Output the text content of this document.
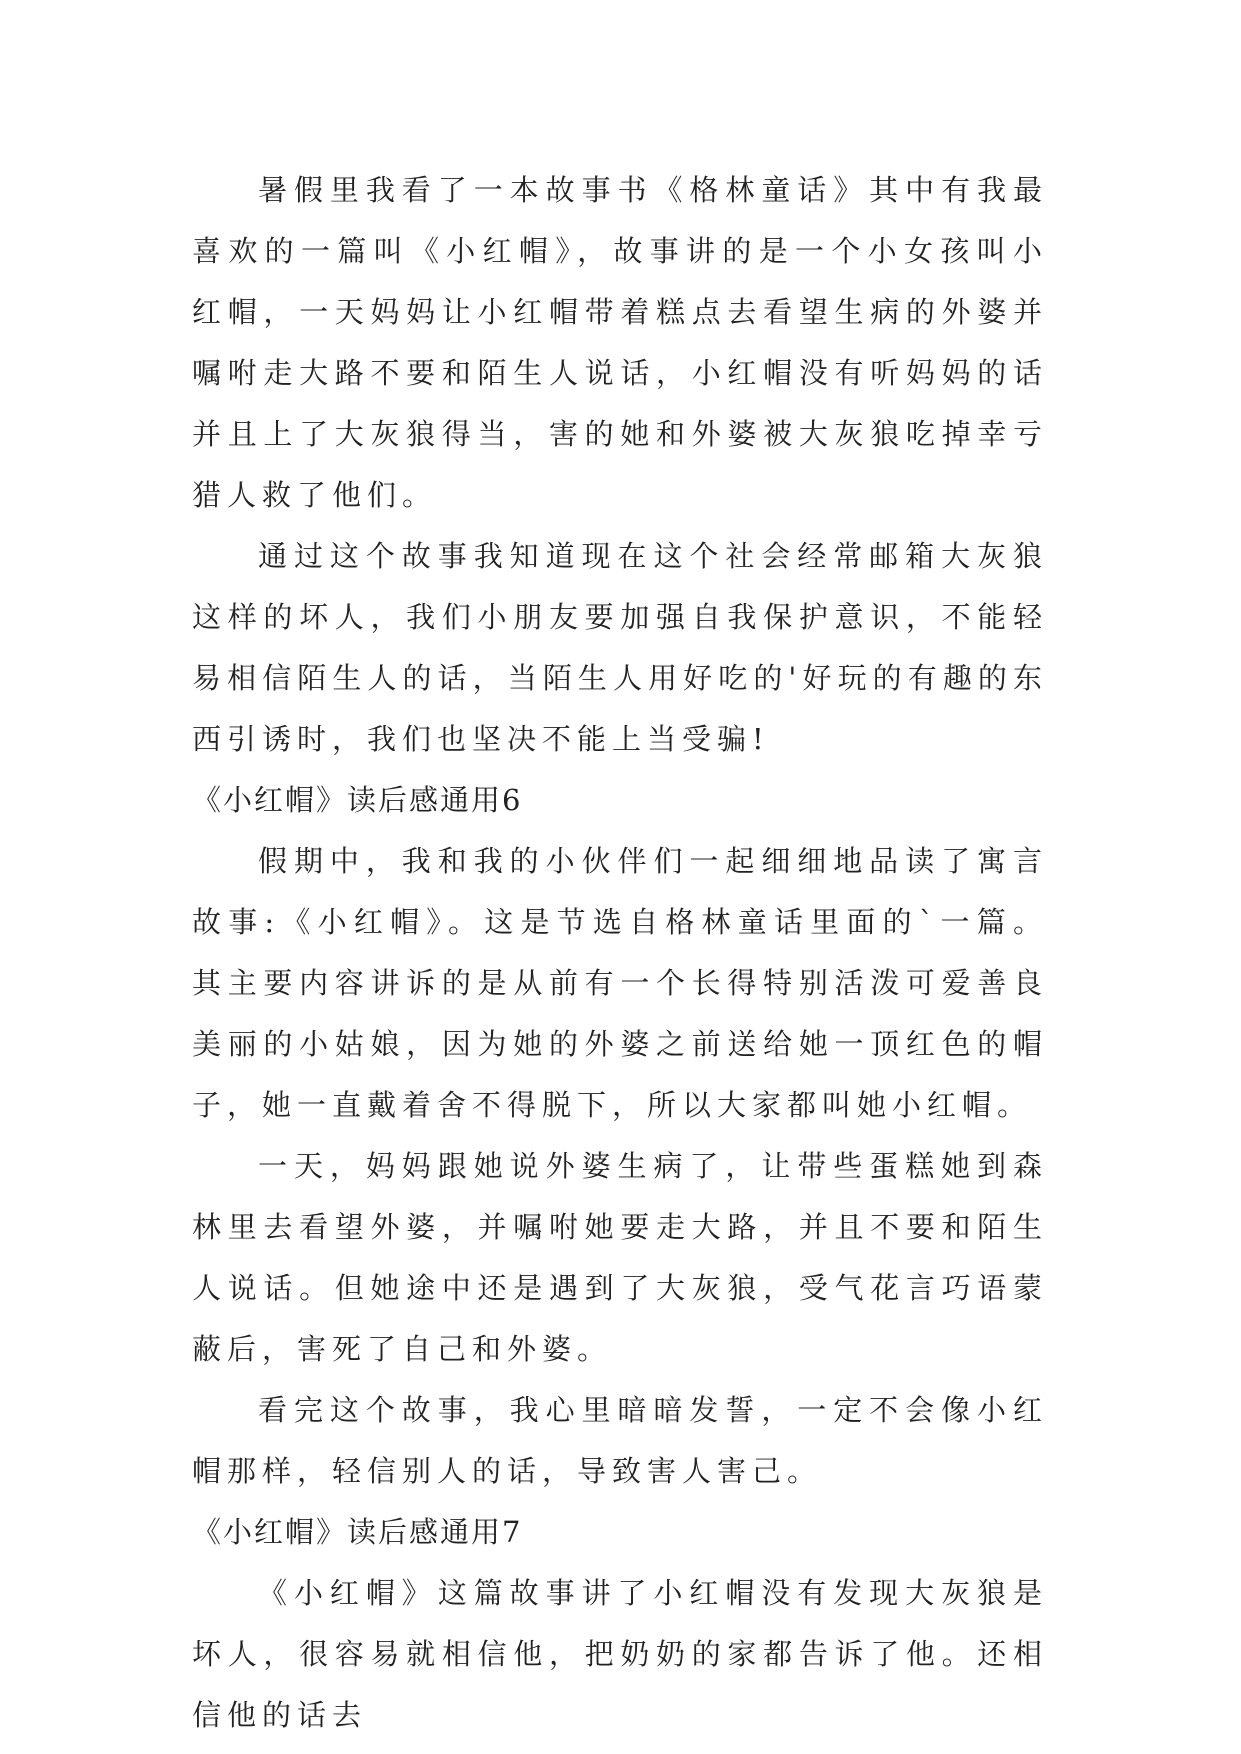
暑假里我看了一本故事书《格林童话》其中有我最喜欢的一篇叫《小红帽》，故事讲的是一个小女孩叫小红帽，一天妈妈让小红帽带着糕点去看望生病的外婆并嘱咐走大路不要和陌生人说话，小红帽没有听妈妈的话并且上了大灰狼得当，害的她和外婆被大灰狼吃掉幸亏猎人救了他们。

通过这个故事我知道现在这个社会经常邮箱大灰狼这样的坏人，我们小朋友要加强自我保护意识，不能轻易相信陌生人的话，当陌生人用好吃的'好玩的有趣的东西引诱时，我们也坚决不能上当受骗!

《小红帽》读后感通用6

假期中，我和我的小伙伴们一起细细地品读了寓言故事:《小红帽》。这是节选自格林童话里面的`一篇。其主要内容讲诉的是从前有一个长得特别活泼可爱善良美丽的小姑娘，因为她的外婆之前送给她一顶红色的帽子，她一直戴着舍不得脱下，所以大家都叫她小红帽。

一天，妈妈跟她说外婆生病了，让带些蛋糕她到森林里去看望外婆，并嘱咐她要走大路，并且不要和陌生人说话。但她途中还是遇到了大灰狼，受气花言巧语蒙蔽后，害死了自己和外婆。

看完这个故事，我心里暗暗发誓，一定不会像小红帽那样，轻信别人的话，导致害人害己。

《小红帽》读后感通用7

《小红帽》这篇故事讲了小红帽没有发现大灰狼是坏人，很容易就相信他，把奶奶的家都告诉了他。还相信他的话去
